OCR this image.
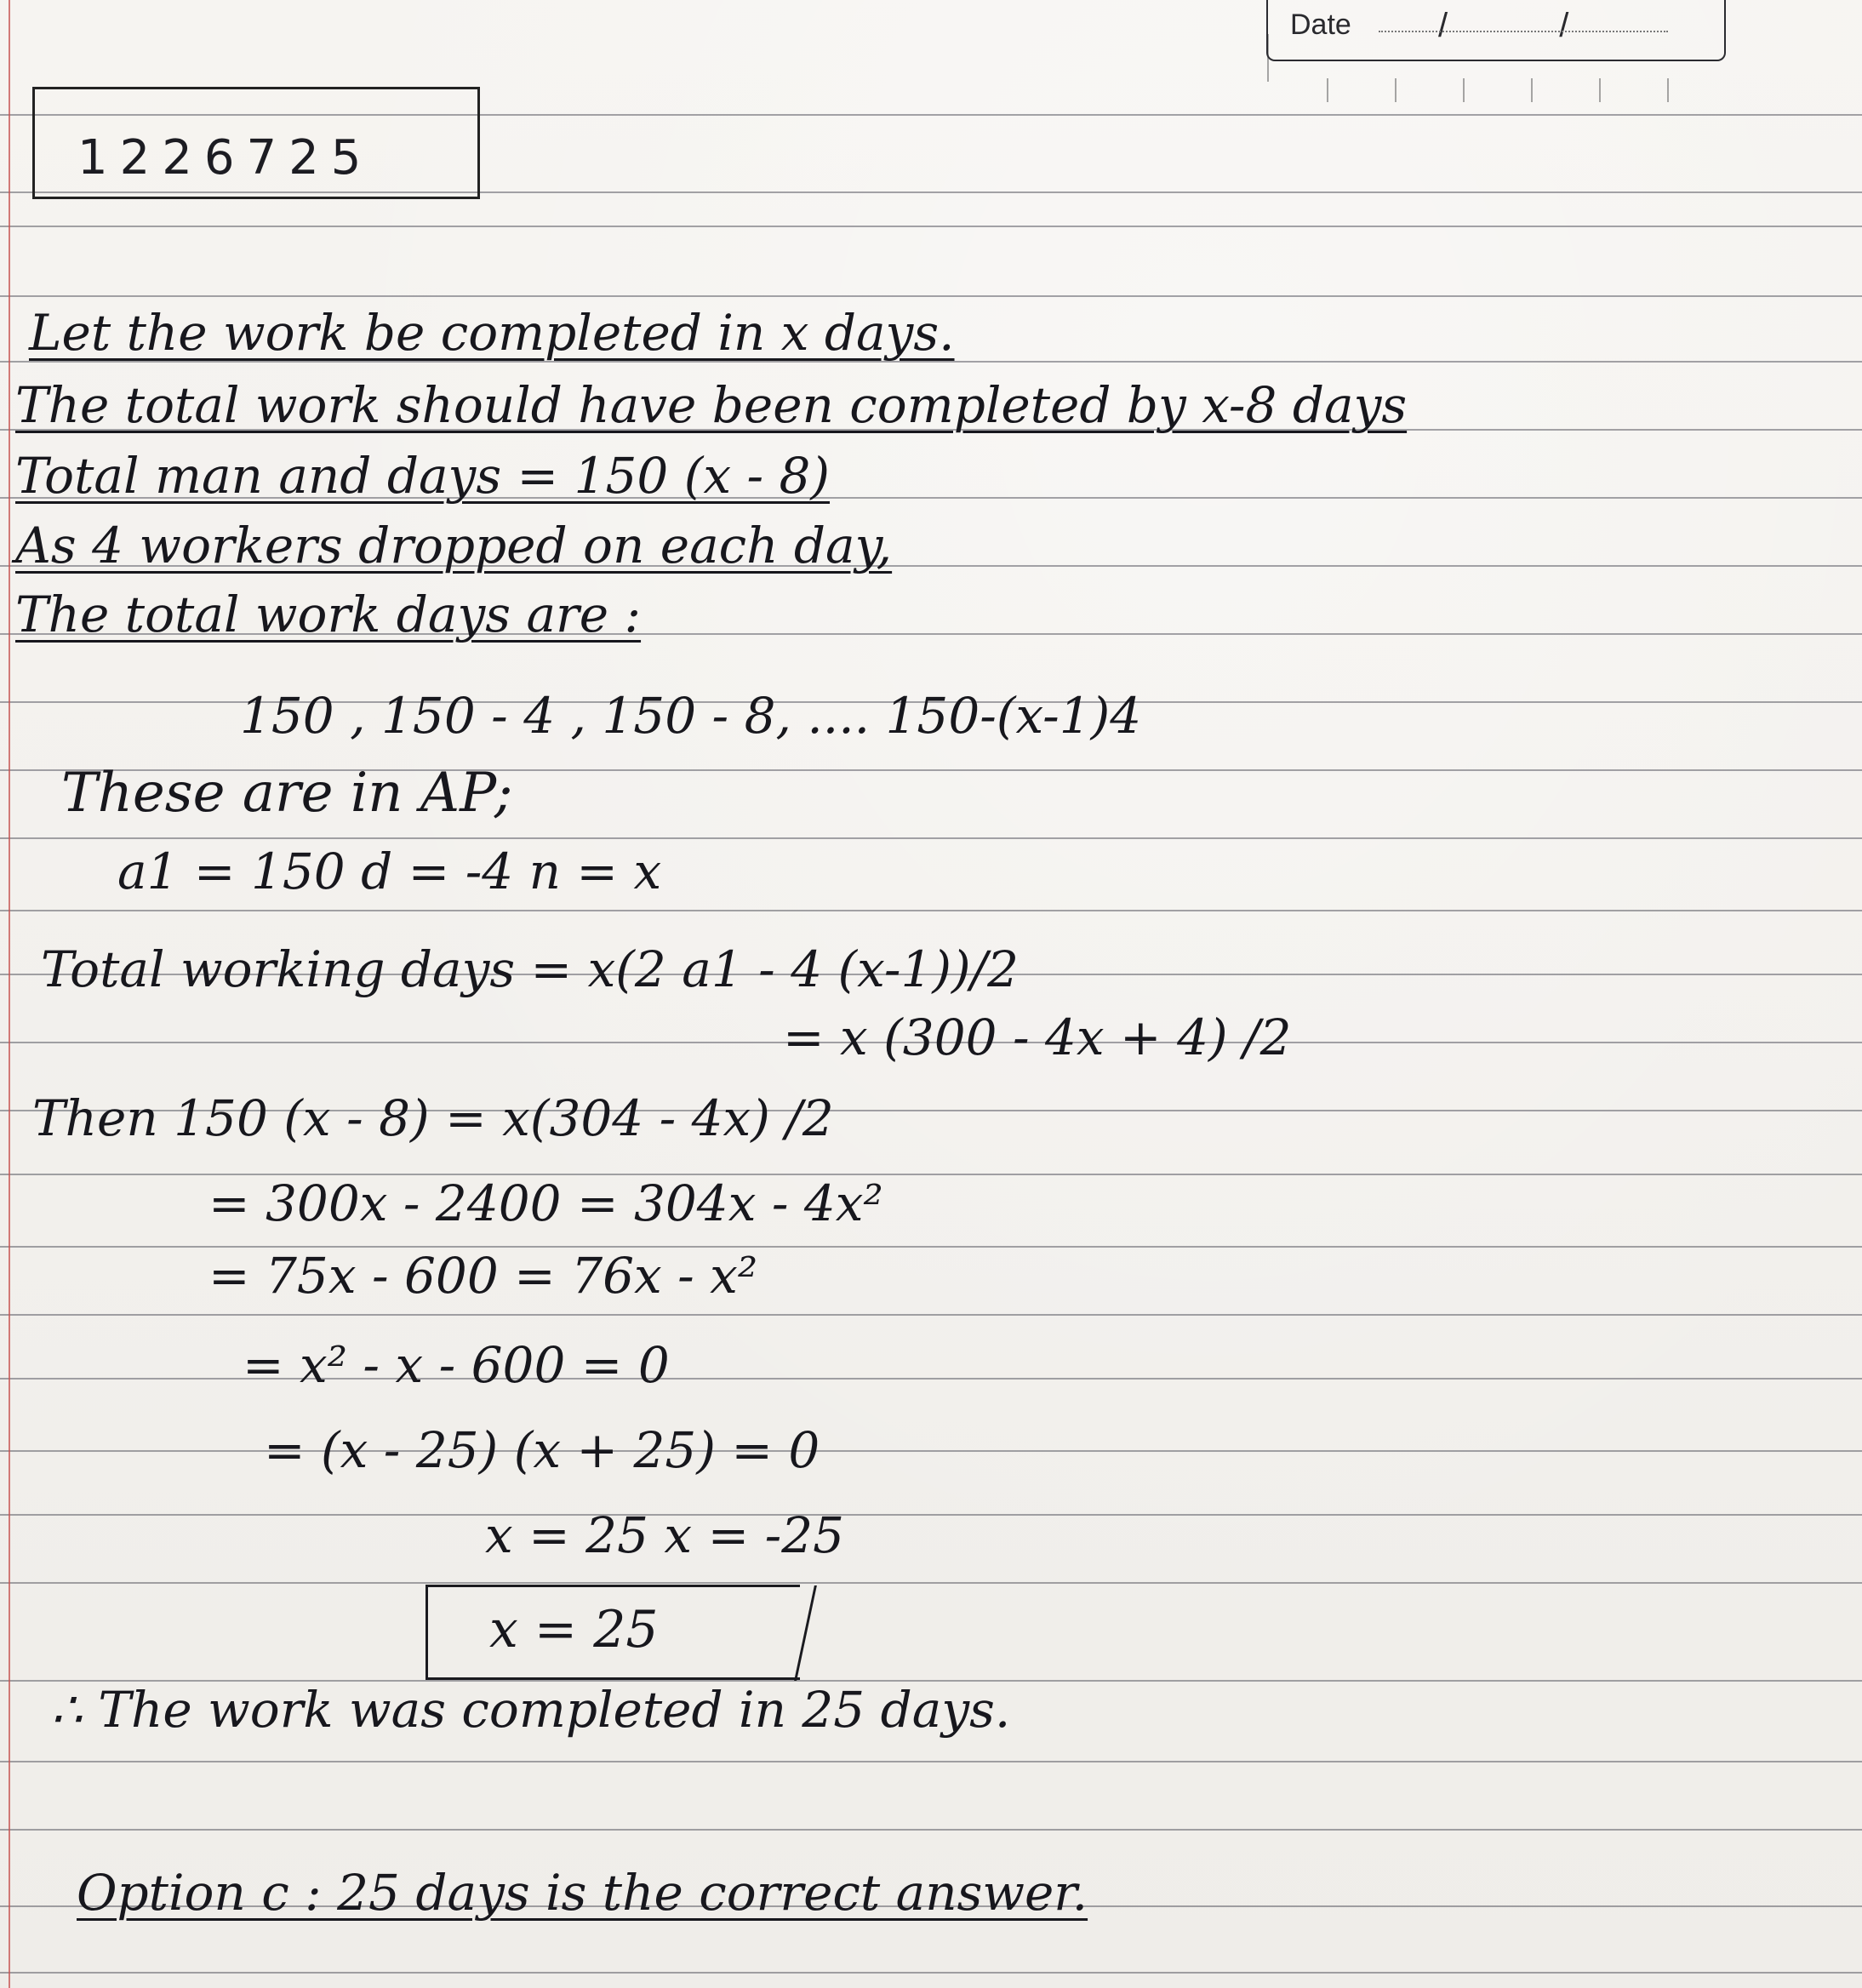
Date	/ /
1226725
Let the work be completed in x days.
The total work should have been completed by x-8 days
Total man and days = 150 (x - 8)
As 4 workers dropped on each day,
The total work days are :
150 , 150 - 4 , 150 - 8, .... 150-(x-1)4
These are in AP;
a1 = 150 d = -4 n = x
Total working days = x(2 a1 - 4 (x-1))/2
= x (300 - 4x + 4) /2
Then 150 (x - 8) = x(304 - 4x) /2
= 300x - 2400 = 304x - 4x²
= 75x - 600 = 76x - x²
= x² - x - 600 = 0
= (x - 25) (x + 25) = 0
x = 25 x = -25
x = 25
∴ The work was completed in 25 days.
Option c : 25 days is the correct answer.
